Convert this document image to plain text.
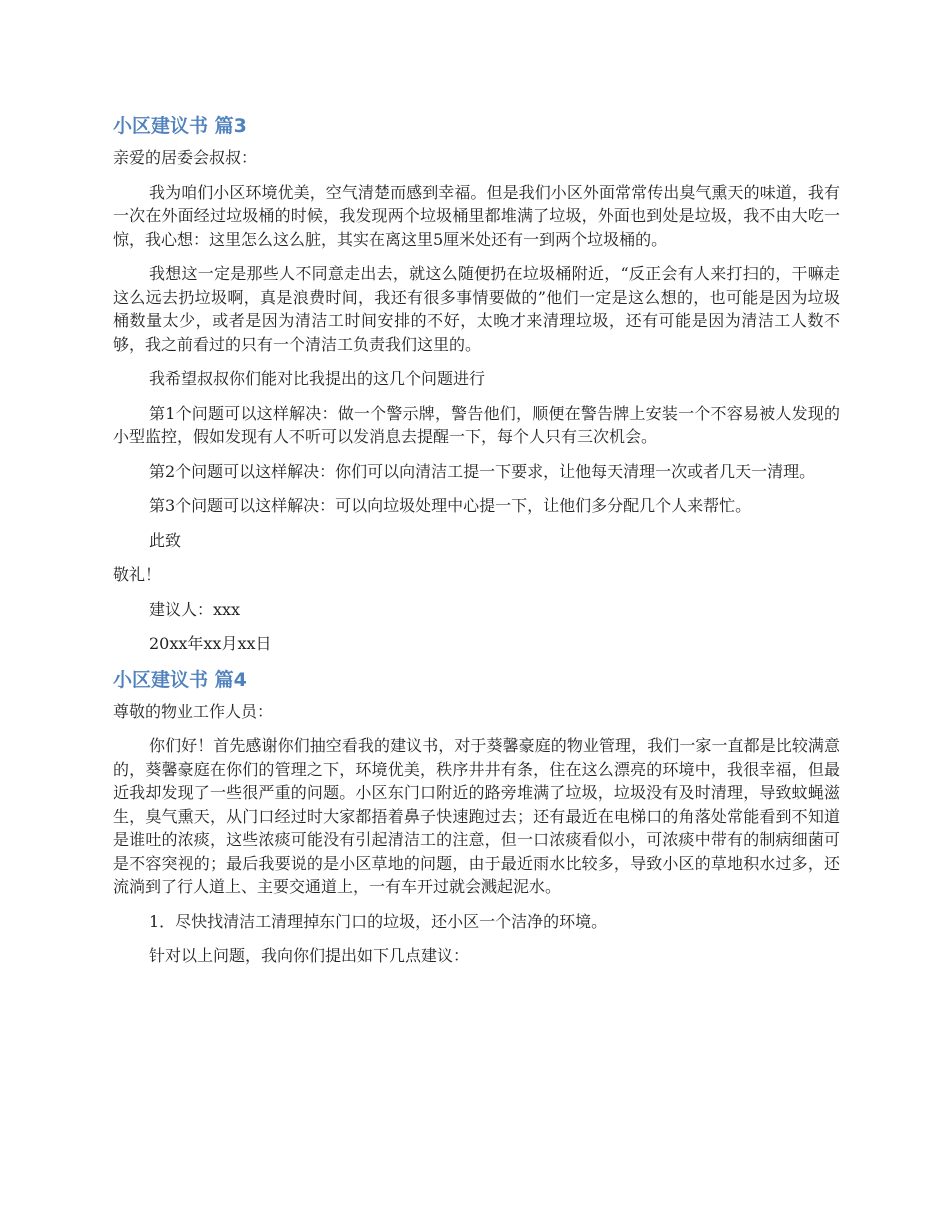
小区建议书 篇3

亲爱的居委会叔叔：

我为咱们小区环境优美，空气清楚而感到幸福。但是我们小区外面常常传出臭气熏天的味道，我有一次在外面经过垃圾桶的时候，我发现两个垃圾桶里都堆满了垃圾，外面也到处是垃圾，我不由大吃一惊，我心想：这里怎么这么脏，其实在离这里5厘米处还有一到两个垃圾桶的。

我想这一定是那些人不同意走出去，就这么随便扔在垃圾桶附近，“反正会有人来打扫的，干嘛走这么远去扔垃圾啊，真是浪费时间，我还有很多事情要做的”他们一定是这么想的，也可能是因为垃圾桶数量太少，或者是因为清洁工时间安排的不好，太晚才来清理垃圾，还有可能是因为清洁工人数不够，我之前看过的只有一个清洁工负责我们这里的。

我希望叔叔你们能对比我提出的这几个问题进行

第1个问题可以这样解决：做一个警示牌，警告他们，顺便在警告牌上安装一个不容易被人发现的小型监控，假如发现有人不听可以发消息去提醒一下，每个人只有三次机会。

第2个问题可以这样解决：你们可以向清洁工提一下要求，让他每天清理一次或者几天一清理。

第3个问题可以这样解决：可以向垃圾处理中心提一下，让他们多分配几个人来帮忙。

此致

敬礼！

建议人：xxx

20xx年xx月xx日

小区建议书 篇4

尊敬的物业工作人员：

你们好！首先感谢你们抽空看我的建议书，对于葵馨豪庭的物业管理，我们一家一直都是比较满意的，葵馨豪庭在你们的管理之下，环境优美，秩序井井有条，住在这么漂亮的环境中，我很幸福，但最近我却发现了一些很严重的问题。小区东门口附近的路旁堆满了垃圾，垃圾没有及时清理，导致蚊蝇滋生，臭气熏天，从门口经过时大家都捂着鼻子快速跑过去；还有最近在电梯口的角落处常能看到不知道是谁吐的浓痰，这些浓痰可能没有引起清洁工的注意，但一口浓痰看似小，可浓痰中带有的制病细菌可是不容突视的；最后我要说的是小区草地的问题，由于最近雨水比较多，导致小区的草地积水过多，还流淌到了行人道上、主要交通道上，一有车开过就会溅起泥水。

1．尽快找清洁工清理掉东门口的垃圾，还小区一个洁净的环境。

针对以上问题，我向你们提出如下几点建议：
